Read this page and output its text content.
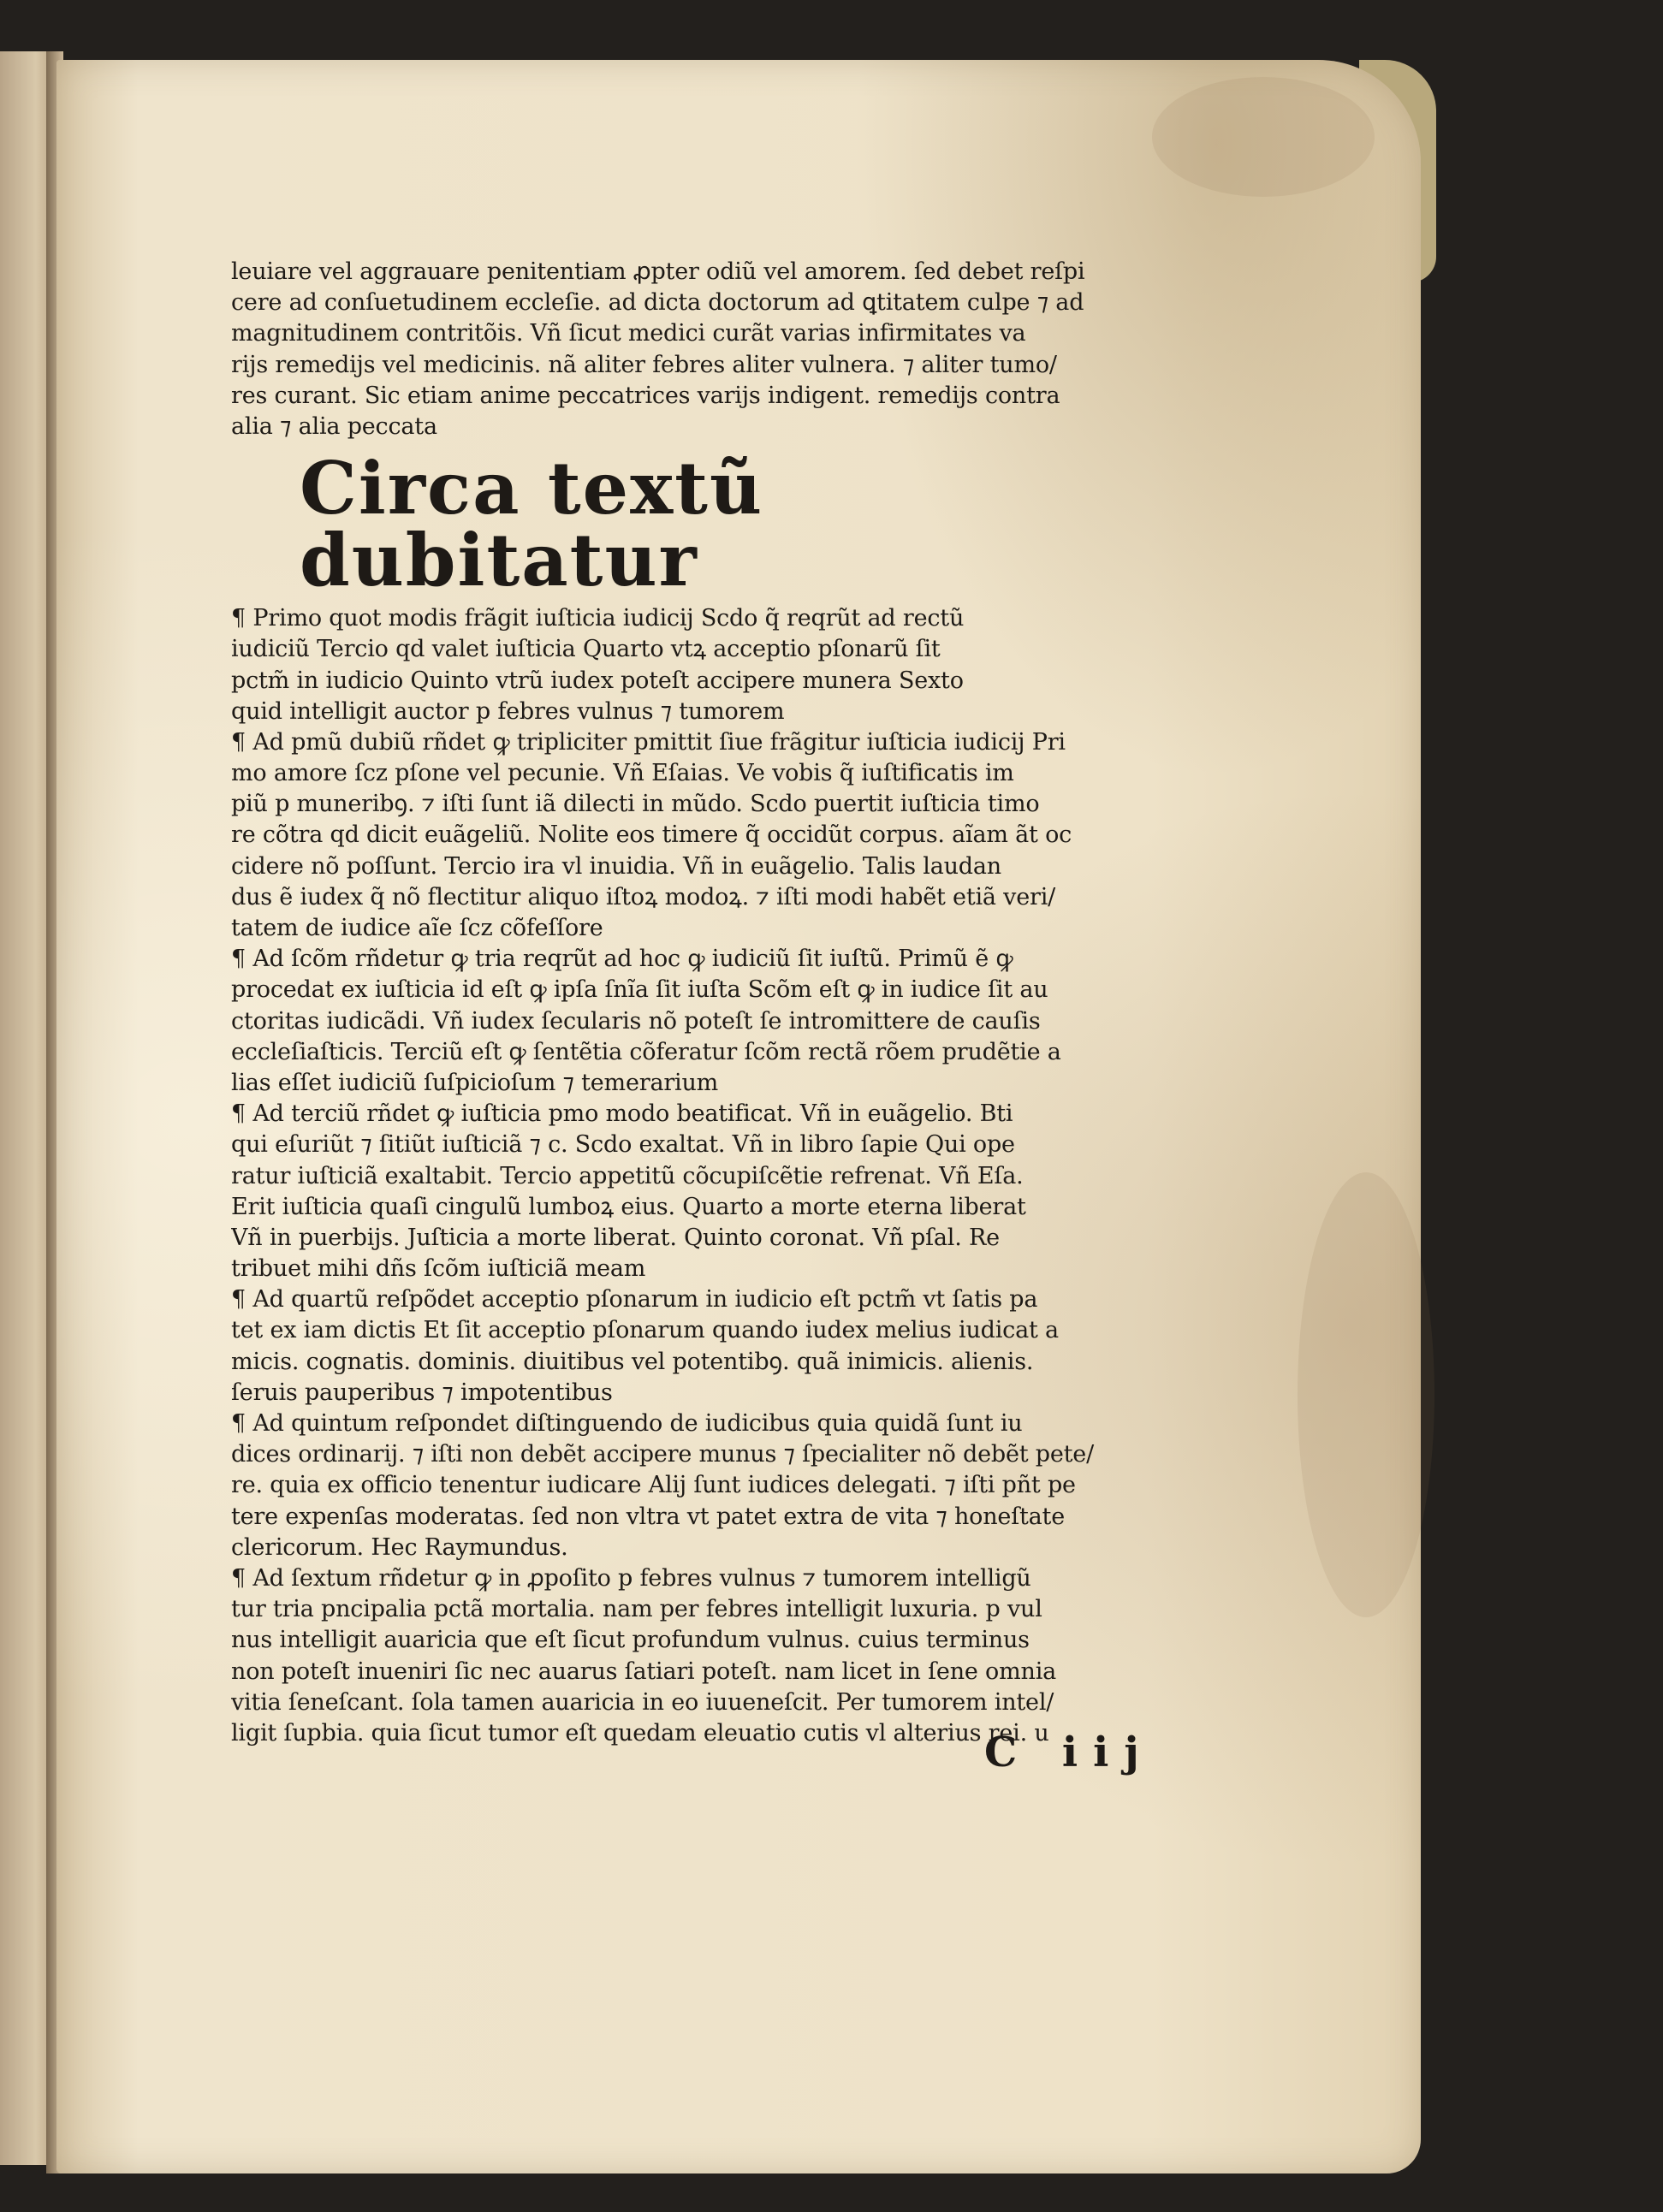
leuiare vel aggrauare penitentiam ꝓpter odiũ vel amorem. ſed debet reſpi
cere ad conſuetudinem eccleſie. ad dicta doctorum ad ꝗtitatem culpe ⁊ ad
magnitudinem contritõis. Vñ ſicut medici curãt varias infirmitates va
rijs remedijs vel medicinis. nã aliter febres aliter vulnera. ⁊ aliter tumo/
res curant. Sic etiam anime peccatrices varijs indigent. remedijs contra
alia ⁊ alia peccata
Circa textũ dubitatur
¶ Primo quot modis frãgit iuſticia iudicij Scdo q̃ reqrũt ad rectũ
iudiciũ Tercio qd valet iuſticia Quarto vtꝝ acceptio pſonarũ ſit
pctm̃ in iudicio Quinto vtrũ iudex poteſt accipere munera Sexto
quid intelligit auctor p febres vulnus ⁊ tumorem
¶ Ad pmũ dubiũ rñdet ꝙ tripliciter pmittit ſiue frãgitur iuſticia iudicij Pri
mo amore ſcz pſone vel pecunie. Vñ Eſaias. Ve vobis q̃ iuſtificatis im
piũ p muneribꝯ. ⁊ iſti ſunt iã dilecti in mũdo. Scdo puertit iuſticia timo
re cõtra qd dicit euãgeliũ. Nolite eos timere q̃ occidũt corpus. aĩam ãt oc
cidere nõ poſſunt. Tercio ira vl inuidia. Vñ in euãgelio. Talis laudan
dus ẽ iudex q̃ nõ flectitur aliquo iſtoꝝ modoꝝ. ⁊ iſti modi habẽt etiã veri/
tatem de iudice aĩe ſcz cõfeſſore
¶ Ad ſcõm rñdetur ꝙ tria reqrũt ad hoc ꝙ iudiciũ ſit iuſtũ. Primũ ẽ ꝙ
procedat ex iuſticia id eſt ꝙ ipſa ſnĩa ſit iuſta Scõm eſt ꝙ in iudice ſit au
ctoritas iudicãdi. Vñ iudex ſecularis nõ poteſt ſe intromittere de cauſis
eccleſiaſticis. Terciũ eſt ꝙ ſentẽtia cõferatur ſcõm rectã rõem prudẽtie a
lias eſſet iudiciũ ſuſpicioſum ⁊ temerarium
¶ Ad terciũ rñdet ꝙ iuſticia pmo modo beatificat. Vñ in euãgelio. Bti
qui eſuriũt ⁊ ſitiũt iuſticiã ⁊ c. Scdo exaltat. Vñ in libro ſapie Qui ope
ratur iuſticiã exaltabit. Tercio appetitũ cõcupiſcẽtie refrenat. Vñ Eſa.
Erit iuſticia quaſi cingulũ lumboꝝ eius. Quarto a morte eterna liberat
Vñ in puerbijs. Juſticia a morte liberat. Quinto coronat. Vñ pſal. Re
tribuet mihi dñs ſcõm iuſticiã meam
¶ Ad quartũ reſpõdet acceptio pſonarum in iudicio eſt pctm̃ vt ſatis pa
tet ex iam dictis Et ſit acceptio pſonarum quando iudex melius iudicat a
micis. cognatis. dominis. diuitibus vel potentibꝯ. quã inimicis. alienis.
ſeruis pauperibus ⁊ impotentibus
¶ Ad quintum reſpondet diſtinguendo de iudicibus quia quidã ſunt iu
dices ordinarij. ⁊ iſti non debẽt accipere munus ⁊ ſpecialiter nõ debẽt pete/
re. quia ex officio tenentur iudicare Alij ſunt iudices delegati. ⁊ iſti pñt pe
tere expenſas moderatas. ſed non vltra vt patet extra de vita ⁊ honeſtate
clericorum. Hec Raymundus.
¶ Ad ſextum rñdetur ꝙ in ꝓpoſito p febres vulnus ⁊ tumorem intelligũ
tur tria pncipalia pctã mortalia. nam per febres intelligit luxuria. p vul
nus intelligit auaricia que eſt ſicut profundum vulnus. cuius terminus
non poteſt inueniri ſic nec auarus ſatiari poteſt. nam licet in ſene omnia
vitia ſeneſcant. ſola tamen auaricia in eo iuueneſcit. Per tumorem intel/
ligit ſupbia. quia ſicut tumor eſt quedam eleuatio cutis vl alterius rei. u
C iij
